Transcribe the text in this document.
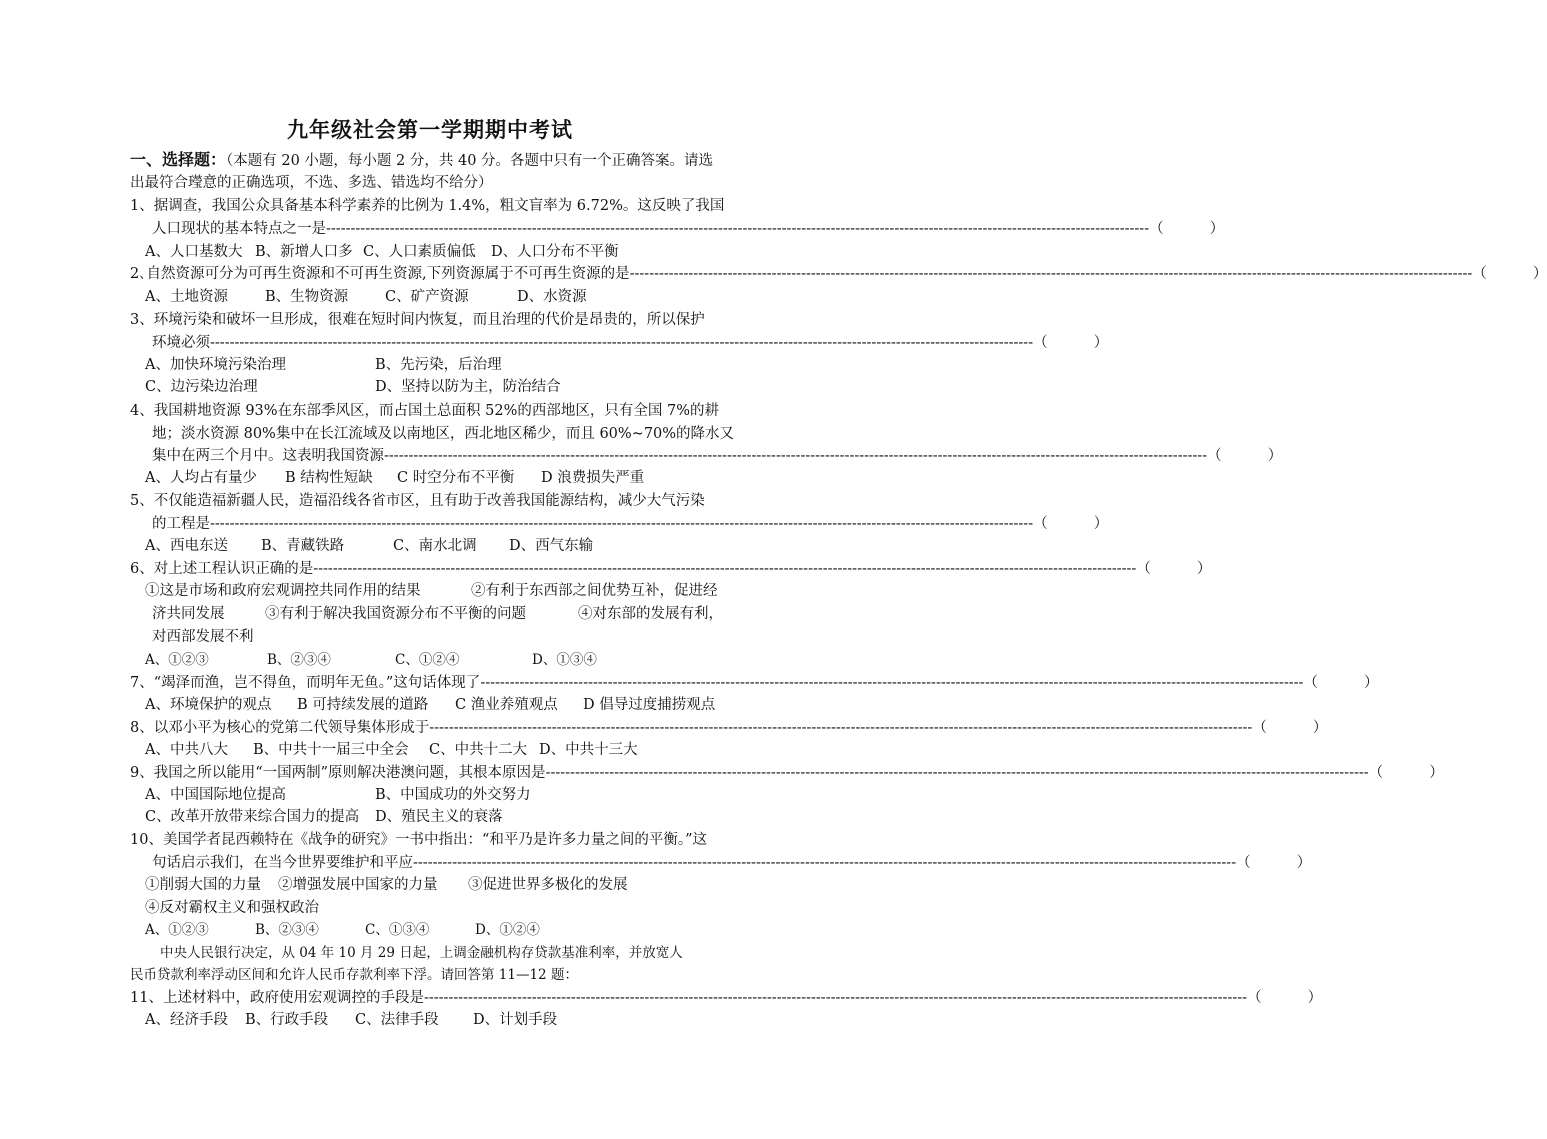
九年级社会第一学期期中考试
一、选择题：（本题有 20 小题，每小题 2 分，共 40 分。各题中只有一个正确答案。请选
出最符合㼆意的正确选项，不选、多选、错选均不给分）
1、据调查，我国公众具备基本科学素养的比例为 1.4%，粗文盲率为 6.72%。这反映了我国
人口现状的基本特点之一是 ------------------------------------------------------------------------------------------------------------------------------------------------------------------------ （          ）
A、人口基数大 B、新增人口多 C、人口素质偏低	D、人口分布不平衡
2､自然资源可分为可再生资源和不可再生资源,下列资源属于不可再生资源的是---- ------------------------------------------------------------------------------------------------------------------------------------------------------------------------ （          ）
A、土地资源	B、生物资源	C、矿产资源	D、水资源
3、环境污染和破坏一旦形成，很难在短时间内恢复，而且治理的代价是昂贵的，所以保护
环境必须 ------------------------------------------------------------------------------------------------------------------------------------------------------------------------ （          ）
A、加快环境污染治理	B、先污染，后治理
C、边污染边治理	D、坚持以防为主，防治结合
4、我国耕地资源 93%在东部季风区，而占国土总面积 52%的西部地区，只有全国 7%的耕
地；淡水资源 80%集中在长江流域及以南地区，西北地区稀少，而且 60%~70%的降水又
集中在两三个月中。这表明我国资源 ------------------------------------------------------------------------------------------------------------------------------------------------------------------------ （          ）
A、人均占有量少	B 结构性短缺	C 时空分布不平衡	D 浪费损失严重
5、不仅能造福新疆人民，造福沿线各省市区，且有助于改善我国能源结构，减少大气污染
的工程是 ------------------------------------------------------------------------------------------------------------------------------------------------------------------------ （          ）
A、西电东送	B、青藏铁路	C、南水北调	D、西气东输
6、对上述工程认识正确的是 ------------------------------------------------------------------------------------------------------------------------------------------------------------------------ （          ）
①这是市场和政府宏观调控共同作用的结果	②有利于东西部之间优势互补，促进经
济共同发展	③有利于解决我国资源分布不平衡的问题	④对东部的发展有利，
对西部发展不利
A、①②③	B、②③④	C、①②④	D、①③④
7、“竭泽而渔，岂不得鱼，而明年无鱼。”这句话体现了 ------------------------------------------------------------------------------------------------------------------------------------------------------------------------ （          ）
A、环境保护的观点	B 可持续发展的道路	C 渔业养殖观点	D 倡导过度捕捞观点
8、以邓小平为核心的党第二代领导集体形成于 ------------------------------------------------------------------------------------------------------------------------------------------------------------------------ （          ）
A、中共八大	B、中共十一届三中全会	C、中共十二大 D、中共十三大
9、我国之所以能用“一国两制”原则解决港澳问题，其根本原因是 ------------------------------------------------------------------------------------------------------------------------------------------------------------------------ （          ）
A、中国国际地位提高	B、中国成功的外交努力
C、改革开放带来综合国力的提高	D、殖民主义的衰落
10、美国学者昆西赖特在《战争的研究》一书中指出：“和平乃是许多力量之间的平衡。”这
句话启示我们，在当今世界要维护和平应 ------------------------------------------------------------------------------------------------------------------------------------------------------------------------ （          ）
①削弱大国的力量	②增强发展中国家的力量	③促进世界多极化的发展
④反对霸权主义和强权政治
A、①②③	B、②③④	C、①③④	D、①②④
中央人民银行决定，从 04 年 10 月 29 日起，上调金融机构存贷款基准利率，并放宽人
民币贷款利率浮动区间和允许人民币存款利率下浮。请回答第 11—12 题：
11、上述材料中，政府使用宏观调控的手段是 ------------------------------------------------------------------------------------------------------------------------------------------------------------------------ （          ）
A、经济手段	B、行政手段	C、法律手段	D、计划手段
